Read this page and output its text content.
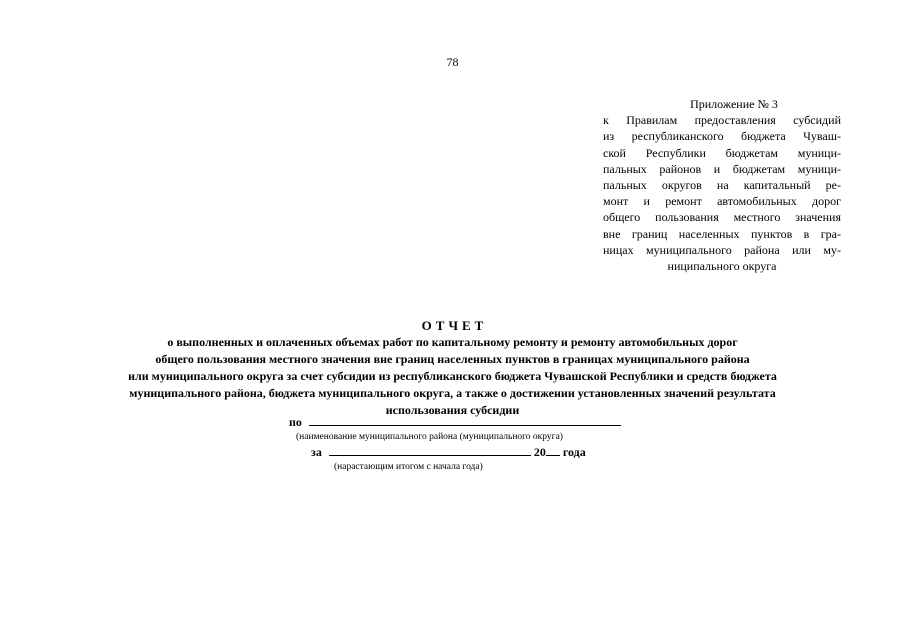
78
Приложение № 3
к Правилам предоставления субсидий
из республиканского бюджета Чуваш-
ской Республики бюджетам муници-
пальных районов и бюджетам муници-
пальных округов на капитальный ре-
монт и ремонт автомобильных дорог
общего пользования местного значения
вне границ населенных пунктов в гра-
ницах муниципального района или му-
ниципального округа
ОТЧЕТ
о выполненных и оплаченных объемах работ по капитальному ремонту и ремонту автомобильных дорог
общего пользования местного значения вне границ населенных пунктов в границах муниципального района
или муниципального округа за счет субсидии из республиканского бюджета Чувашской Республики и средств бюджета
муниципального района, бюджета муниципального округа, а также о достижении установленных значений результата
использования субсидии
по
(наименование муниципального района (муниципального округа)
за	20 года
(нарастающим итогом с начала года)
